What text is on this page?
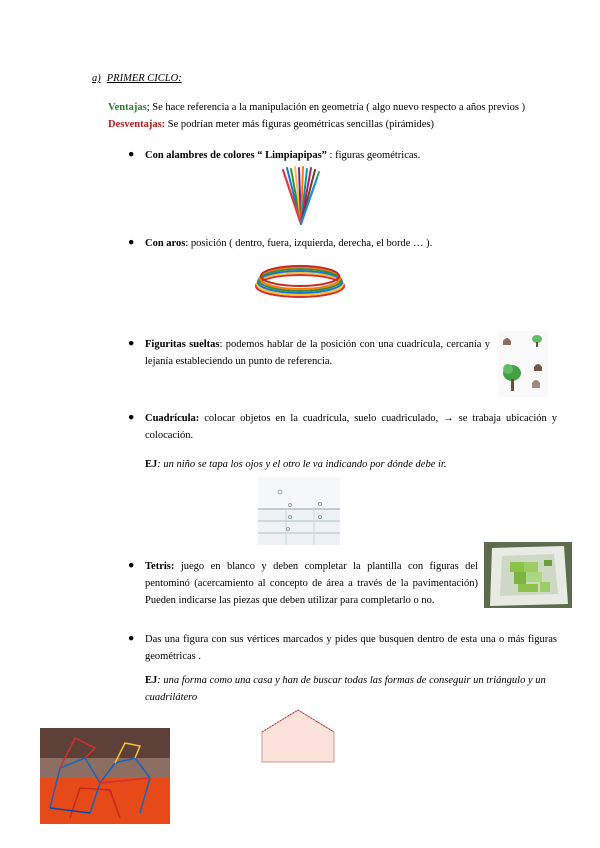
a) PRIMER CICLO:
Ventajas; Se hace referencia a la manipulación en geometría ( algo nuevo respecto a años previos )
Desventajas: Se podrían meter más figuras geométricas sencillas (pirámides)
● Con alambres de colores “ Limpiapipas” : figuras geométricas.
● Con aros: posición ( dentro, fuera, izquierda, derecha, el borde … ).
● Figuritas sueltas: podemos hablar de la posición con una cuadrícula, cercanía y lejanía estableciendo un punto de referencia.
● Cuadrícula: colocar objetos en la cuadrícula, suelo cuadriculado, → se trabaja ubicación y colocación.
EJ: un niño se tapa los ojos y el otro le va indicando por dónde debe ir.
● Tetris: juego en blanco y deben completar la plantilla con figuras del pentominó (acercamiento al concepto de área a través de la pavimentación) Pueden indicarse las piezas que deben utilizar para completarlo o no.
● Das una figura con sus vértices marcados y pides que busquen dentro de esta una o más figuras geométricas .
EJ: una forma como una casa y han de buscar todas las formas de conseguir un triángulo y un cuadrilátero
